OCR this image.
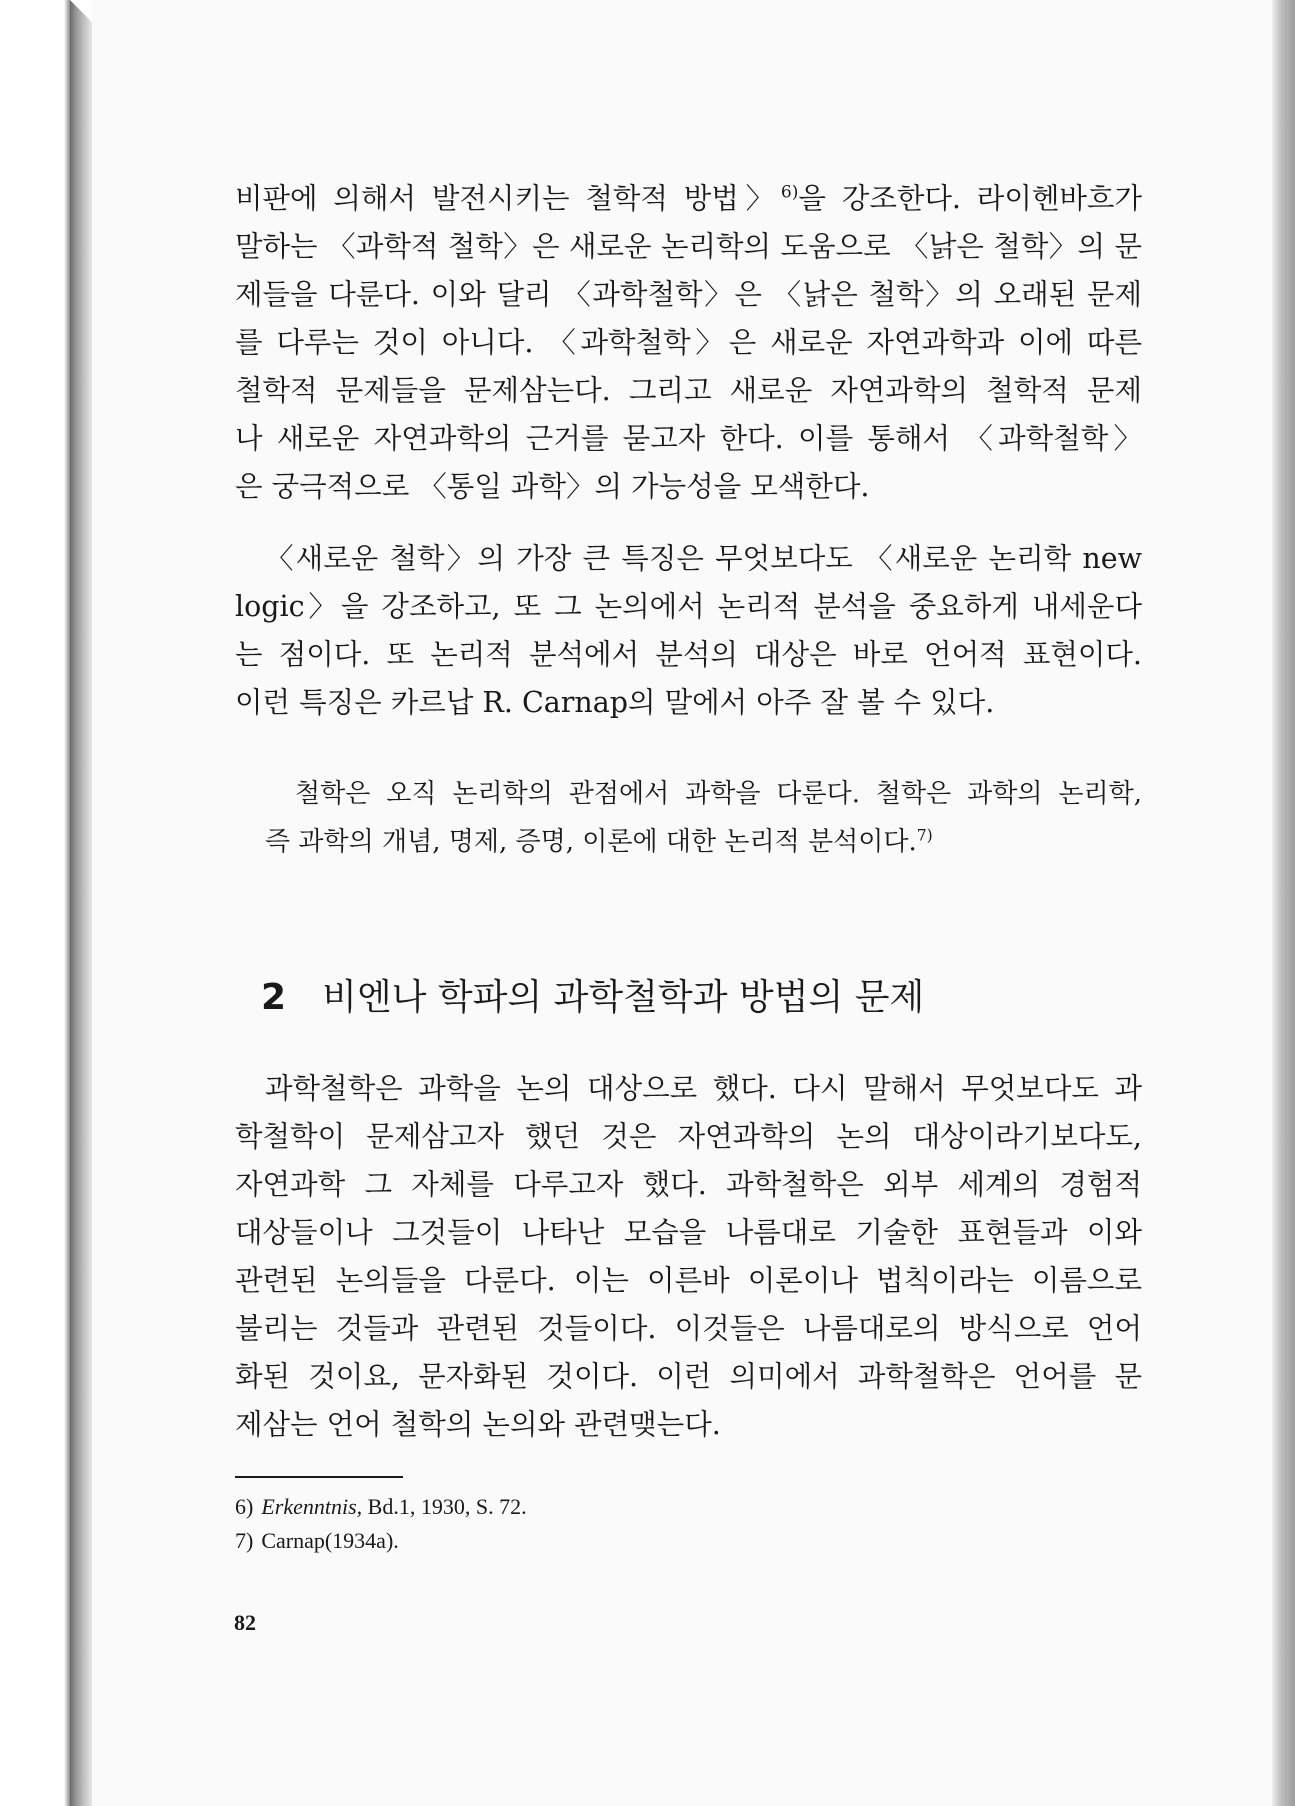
비판에 의해서 발전시키는 철학적 방법〉$^{6)}$을 강조한다. 라이헨바흐가
말하는 〈과학적 철학〉은 새로운 논리학의 도움으로 〈낡은 철학〉의 문
제들을 다룬다. 이와 달리 〈과학철학〉은 〈낡은 철학〉의 오래된 문제
를 다루는 것이 아니다. 〈과학철학〉은 새로운 자연과학과 이에 따른
철학적 문제들을 문제삼는다. 그리고 새로운 자연과학의 철학적 문제
나 새로운 자연과학의 근거를 묻고자 한다. 이를 통해서 〈과학철학〉
은 궁극적으로 〈통일 과학〉의 가능성을 모색한다.
〈새로운 철학〉의 가장 큰 특징은 무엇보다도 〈새로운 논리학 new
logic〉을 강조하고, 또 그 논의에서 논리적 분석을 중요하게 내세운다
는 점이다. 또 논리적 분석에서 분석의 대상은 바로 언어적 표현이다.
이런 특징은 카르납 R. Carnap의 말에서 아주 잘 볼 수 있다.
철학은 오직 논리학의 관점에서 과학을 다룬다. 철학은 과학의 논리학,
즉 과학의 개념, 명제, 증명, 이론에 대한 논리적 분석이다.$^{7)}$
2 비엔나 학파의 과학철학과 방법의 문제
과학철학은 과학을 논의 대상으로 했다. 다시 말해서 무엇보다도 과
학철학이 문제삼고자 했던 것은 자연과학의 논의 대상이라기보다도,
자연과학 그 자체를 다루고자 했다. 과학철학은 외부 세계의 경험적
대상들이나 그것들이 나타난 모습을 나름대로 기술한 표현들과 이와
관련된 논의들을 다룬다. 이는 이른바 이론이나 법칙이라는 이름으로
불리는 것들과 관련된 것들이다. 이것들은 나름대로의 방식으로 언어
화된 것이요, 문자화된 것이다. 이런 의미에서 과학철학은 언어를 문
제삼는 언어 철학의 논의와 관련맺는다.
6) Erkenntnis, Bd.1, 1930, S. 72.
7) Carnap(1934a).
82
